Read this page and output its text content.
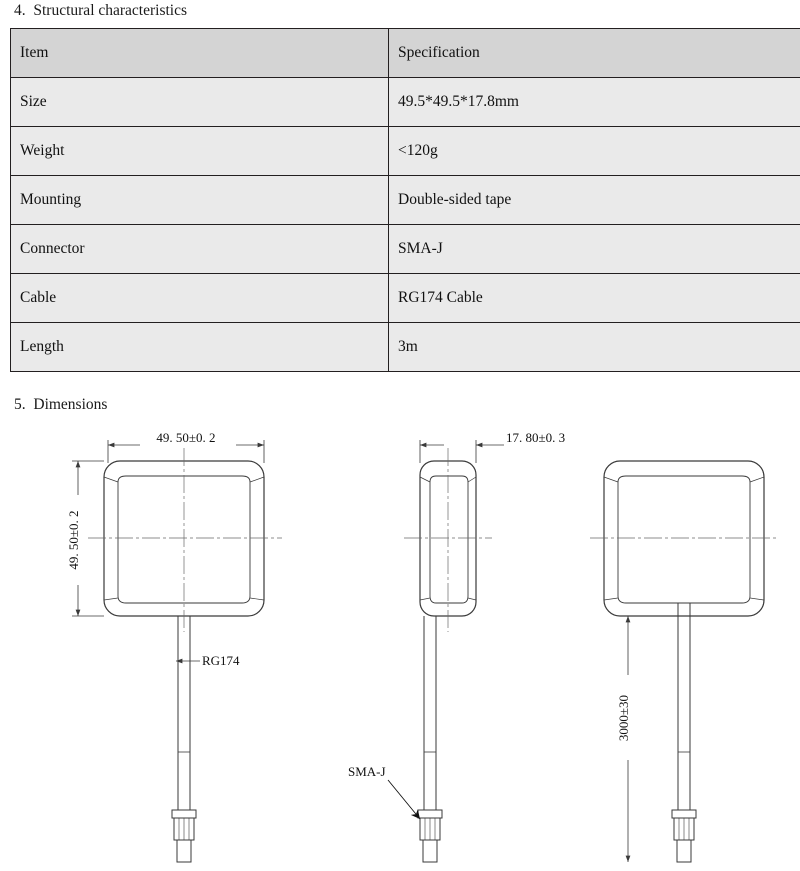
4. Structural characteristics
Item	Specification
Size	49.5*49.5*17.8mm
Weight	<120g
Mounting	Double-sided tape
Connector	SMA-J
Cable	RG174 Cable
Length	3m
5. Dimensions
49. 50±0. 2
49. 50±0. 2
RG174
17. 80±0. 3
SMA-J
3000±30
